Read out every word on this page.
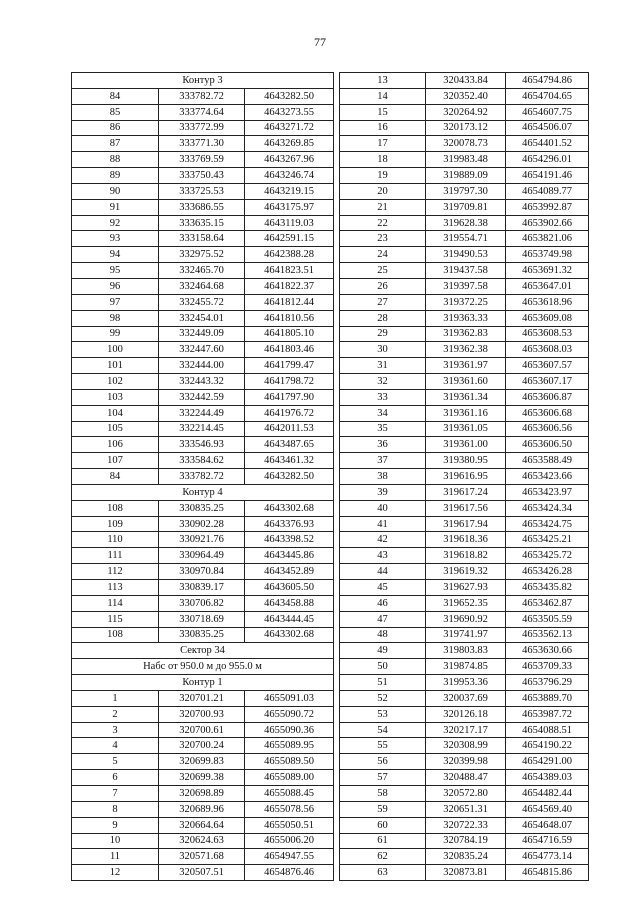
77
Контур 3		
84	333782.72	4643282.50
85	333774.64	4643273.55
86	333772.99	4643271.72
87	333771.30	4643269.85
88	333769.59	4643267.96
89	333750.43	4643246.74
90	333725.53	4643219.15
91	333686.55	4643175.97
92	333635.15	4643119.03
93	333158.64	4642591.15
94	332975.52	4642388.28
95	332465.70	4641823.51
96	332464.68	4641822.37
97	332455.72	4641812.44
98	332454.01	4641810.56
99	332449.09	4641805.10
100	332447.60	4641803.46
101	332444.00	4641799.47
102	332443.32	4641798.72
103	332442.59	4641797.90
104	332244.49	4641976.72
105	332214.45	4642011.53
106	333546.93	4643487.65
107	333584.62	4643461.32
84	333782.72	4643282.50
Контур 4		
108	330835.25	4643302.68
109	330902.28	4643376.93
110	330921.76	4643398.52
111	330964.49	4643445.86
112	330970.84	4643452.89
113	330839.17	4643605.50
114	330706.82	4643458.88
115	330718.69	4643444.45
108	330835.25	4643302.68
Сектор 34		
Набс от 950.0 м до 955.0 м		
Контур 1		
1	320701.21	4655091.03
2	320700.93	4655090.72
3	320700.61	4655090.36
4	320700.24	4655089.95
5	320699.83	4655089.50
6	320699.38	4655089.00
7	320698.89	4655088.45
8	320689.96	4655078.56
9	320664.64	4655050.51
10	320624.63	4655006.20
11	320571.68	4654947.55
12	320507.51	4654876.46
13	320433.84	4654794.86
14	320352.40	4654704.65
15	320264.92	4654607.75
16	320173.12	4654506.07
17	320078.73	4654401.52
18	319983.48	4654296.01
19	319889.09	4654191.46
20	319797.30	4654089.77
21	319709.81	4653992.87
22	319628.38	4653902.66
23	319554.71	4653821.06
24	319490.53	4653749.98
25	319437.58	4653691.32
26	319397.58	4653647.01
27	319372.25	4653618.96
28	319363.33	4653609.08
29	319362.83	4653608.53
30	319362.38	4653608.03
31	319361.97	4653607.57
32	319361.60	4653607.17
33	319361.34	4653606.87
34	319361.16	4653606.68
35	319361.05	4653606.56
36	319361.00	4653606.50
37	319380.95	4653588.49
38	319616.95	4653423.66
39	319617.24	4653423.97
40	319617.56	4653424.34
41	319617.94	4653424.75
42	319618.36	4653425.21
43	319618.82	4653425.72
44	319619.32	4653426.28
45	319627.93	4653435.82
46	319652.35	4653462.87
47	319690.92	4653505.59
48	319741.97	4653562.13
49	319803.83	4653630.66
50	319874.85	4653709.33
51	319953.36	4653796.29
52	320037.69	4653889.70
53	320126.18	4653987.72
54	320217.17	4654088.51
55	320308.99	4654190.22
56	320399.98	4654291.00
57	320488.47	4654389.03
58	320572.80	4654482.44
59	320651.31	4654569.40
60	320722.33	4654648.07
61	320784.19	4654716.59
62	320835.24	4654773.14
63	320873.81	4654815.86
